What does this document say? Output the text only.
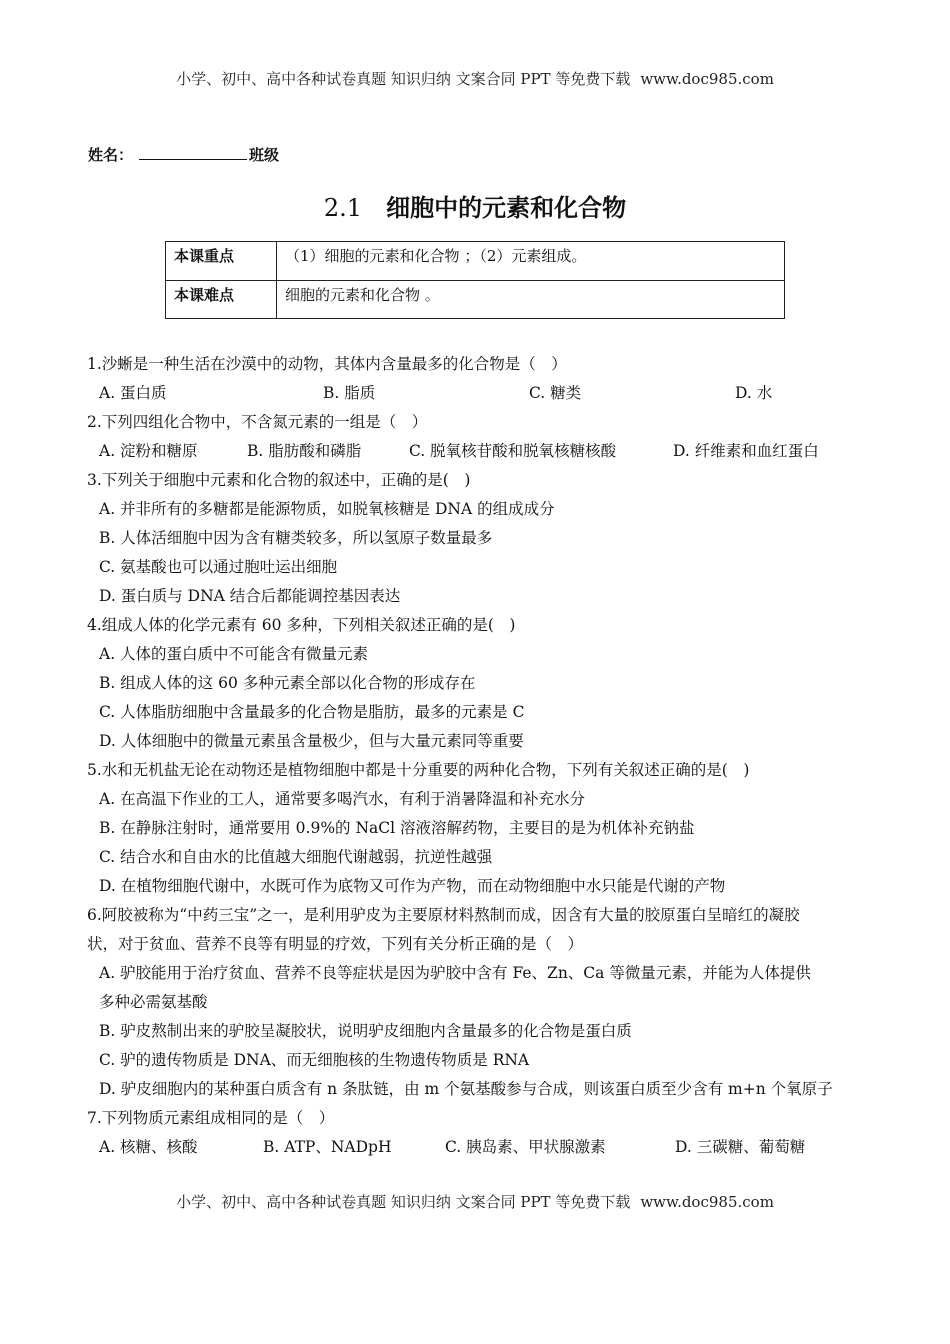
小学、初中、高中各种试卷真题 知识归纳 文案合同 PPT 等免费下载 www.doc985.com
姓名：	班级
2.1 细胞中的元素和化合物
本课重点	（1）细胞的元素和化合物 ；（2）元素组成。
本课难点	细胞的元素和化合物 。
1.沙蜥是一种生活在沙漠中的动物，其体内含量最多的化合物是（　）
A. 蛋白质	B. 脂质	C. 糖类	D. 水
2.下列四组化合物中，不含氮元素的一组是（　）
A. 淀粉和糖原	B. 脂肪酸和磷脂	C. 脱氧核苷酸和脱氧核糖核酸	D. 纤维素和血红蛋白
3.下列关于细胞中元素和化合物的叙述中，正确的是(　)
A. 并非所有的多糖都是能源物质，如脱氧核糖是 DNA 的组成成分
B. 人体活细胞中因为含有糖类较多，所以氢原子数量最多
C. 氨基酸也可以通过胞吐运出细胞
D. 蛋白质与 DNA 结合后都能调控基因表达
4.组成人体的化学元素有 60 多种，下列相关叙述正确的是(　)
A. 人体的蛋白质中不可能含有微量元素
B. 组成人体的这 60 多种元素全部以化合物的形成存在
C. 人体脂肪细胞中含量最多的化合物是脂肪，最多的元素是 C
D. 人体细胞中的微量元素虽含量极少，但与大量元素同等重要
5.水和无机盐无论在动物还是植物细胞中都是十分重要的两种化合物，下列有关叙述正确的是(　)
A. 在高温下作业的工人，通常要多喝汽水，有利于消暑降温和补充水分
B. 在静脉注射时，通常要用 0.9%的 NaCl 溶液溶解药物，主要目的是为机体补充钠盐
C. 结合水和自由水的比值越大细胞代谢越弱，抗逆性越强
D. 在植物细胞代谢中，水既可作为底物又可作为产物，而在动物细胞中水只能是代谢的产物
6.阿胶被称为“中药三宝”之一，是利用驴皮为主要原材料熬制而成，因含有大量的胶原蛋白呈暗红的凝胶
状，对于贫血、营养不良等有明显的疗效，下列有关分析正确的是（　）
A. 驴胶能用于治疗贫血、营养不良等症状是因为驴胶中含有 Fe、Zn、Ca 等微量元素，并能为人体提供
多种必需氨基酸
B. 驴皮熬制出来的驴胶呈凝胶状，说明驴皮细胞内含量最多的化合物是蛋白质
C. 驴的遗传物质是 DNA、而无细胞核的生物遗传物质是 RNA
D. 驴皮细胞内的某种蛋白质含有 n 条肽链，由 m 个氨基酸参与合成，则该蛋白质至少含有 m+n 个氧原子
7.下列物质元素组成相同的是（　）
A. 核糖、核酸	B. ATP、NADpH	C. 胰岛素、甲状腺激素	D. 三碳糖、葡萄糖
小学、初中、高中各种试卷真题 知识归纳 文案合同 PPT 等免费下载 www.doc985.com
